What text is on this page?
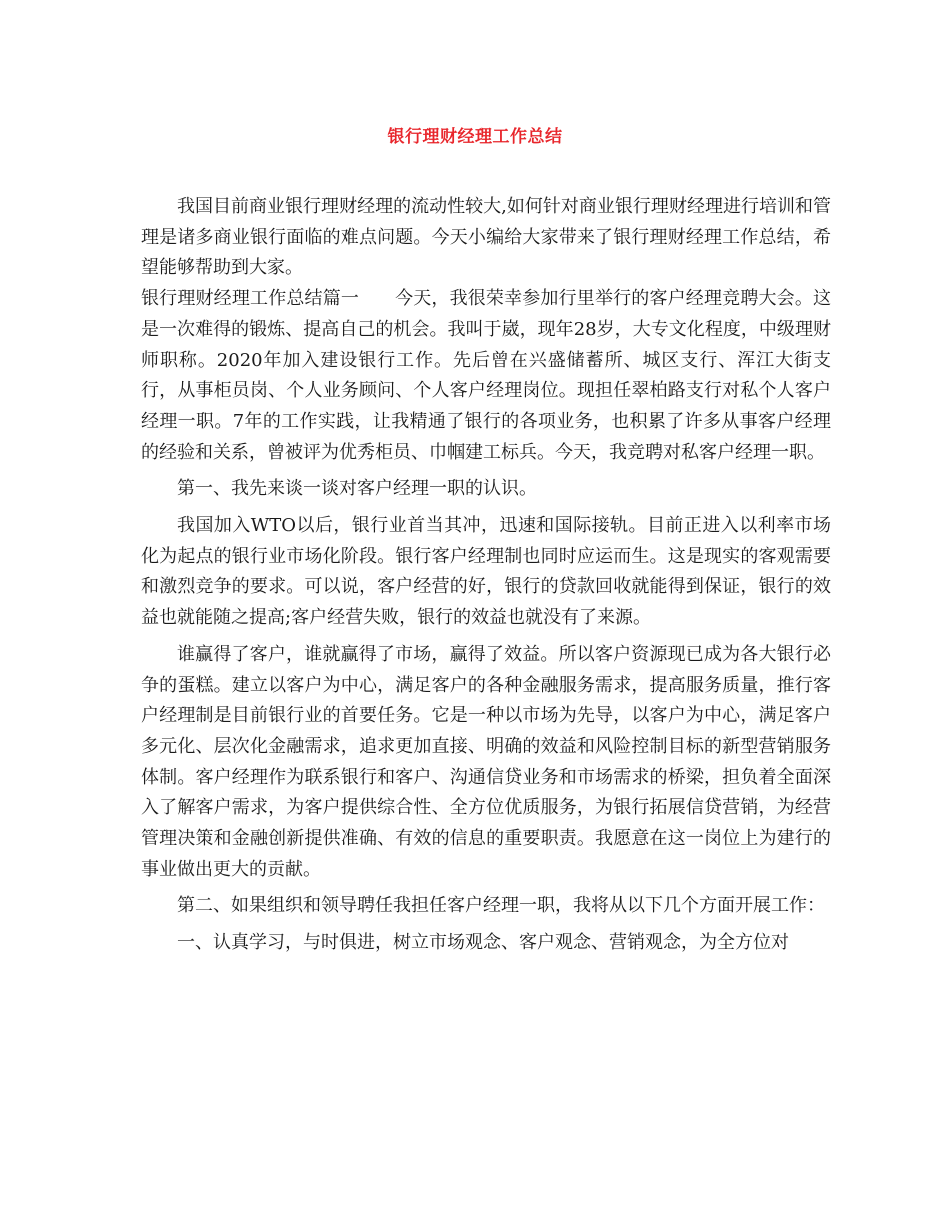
银行理财经理工作总结

我国目前商业银行理财经理的流动性较大,如何针对商业银行理财经理进行培训和管理是诸多商业银行面临的难点问题。今天小编给大家带来了银行理财经理工作总结，希望能够帮助到大家。

银行理财经理工作总结篇一 今天，我很荣幸参加行里举行的客户经理竞聘大会。这是一次难得的锻炼、提高自己的机会。我叫于崴，现年28岁，大专文化程度，中级理财师职称。2020年加入建设银行工作。先后曾在兴盛储蓄所、城区支行、浑江大街支行，从事柜员岗、个人业务顾问、个人客户经理岗位。现担任翠柏路支行对私个人客户经理一职。7年的工作实践，让我精通了银行的各项业务，也积累了许多从事客户经理的经验和关系，曾被评为优秀柜员、巾帼建工标兵。今天，我竞聘对私客户经理一职。

第一、我先来谈一谈对客户经理一职的认识。

我国加入WTO以后，银行业首当其冲，迅速和国际接轨。目前正进入以利率市场化为起点的银行业市场化阶段。银行客户经理制也同时应运而生。这是现实的客观需要和激烈竞争的要求。可以说，客户经营的好，银行的贷款回收就能得到保证，银行的效益也就能随之提高;客户经营失败，银行的效益也就没有了来源。

谁赢得了客户，谁就赢得了市场，赢得了效益。所以客户资源现已成为各大银行必争的蛋糕。建立以客户为中心，满足客户的各种金融服务需求，提高服务质量，推行客户经理制是目前银行业的首要任务。它是一种以市场为先导，以客户为中心，满足客户多元化、层次化金融需求，追求更加直接、明确的效益和风险控制目标的新型营销服务体制。客户经理作为联系银行和客户、沟通信贷业务和市场需求的桥梁，担负着全面深入了解客户需求，为客户提供综合性、全方位优质服务，为银行拓展信贷营销，为经营管理决策和金融创新提供准确、有效的信息的重要职责。我愿意在这一岗位上为建行的事业做出更大的贡献。

第二、如果组织和领导聘任我担任客户经理一职，我将从以下几个方面开展工作：

一、认真学习，与时俱进，树立市场观念、客户观念、营销观念，为全方位对
